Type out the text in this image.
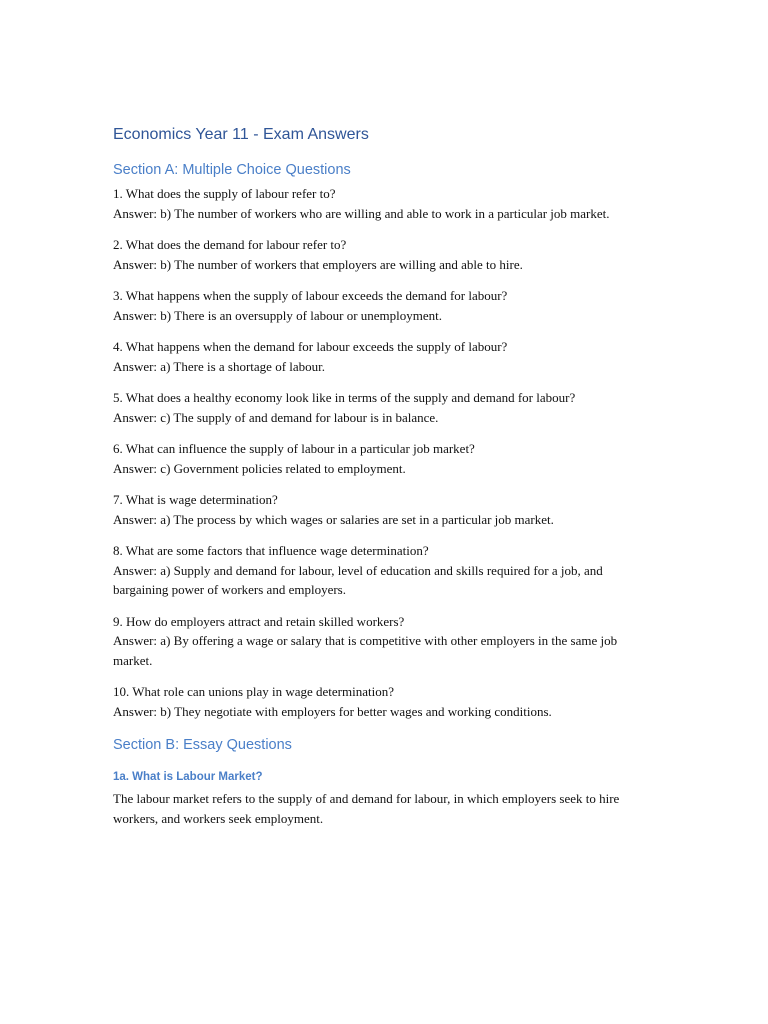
Economics Year 11 - Exam Answers
Section A: Multiple Choice Questions

1. What does the supply of labour refer to?

Answer: b) The number of workers who are willing and able to work in a particular job market.

2. What does the demand for labour refer to?

Answer: b) The number of workers that employers are willing and able to hire.

3. What happens when the supply of labour exceeds the demand for labour?

Answer: b) There is an oversupply of labour or unemployment.

4. What happens when the demand for labour exceeds the supply of labour?

Answer: a) There is a shortage of labour.

5. What does a healthy economy look like in terms of the supply and demand for labour?

Answer: c) The supply of and demand for labour is in balance.

6. What can influence the supply of labour in a particular job market?

Answer: c) Government policies related to employment.

7. What is wage determination?

Answer: a) The process by which wages or salaries are set in a particular job market.

8. What are some factors that influence wage determination?

Answer: a) Supply and demand for labour, level of education and skills required for a job, and bargaining power of workers and employers.

9. How do employers attract and retain skilled workers?

Answer: a) By offering a wage or salary that is competitive with other employers in the same job market.

10. What role can unions play in wage determination?

Answer: b) They negotiate with employers for better wages and working conditions.

Section B: Essay Questions
1a. What is Labour Market?

The labour market refers to the supply of and demand for labour, in which employers seek to hire workers, and workers seek employment.
